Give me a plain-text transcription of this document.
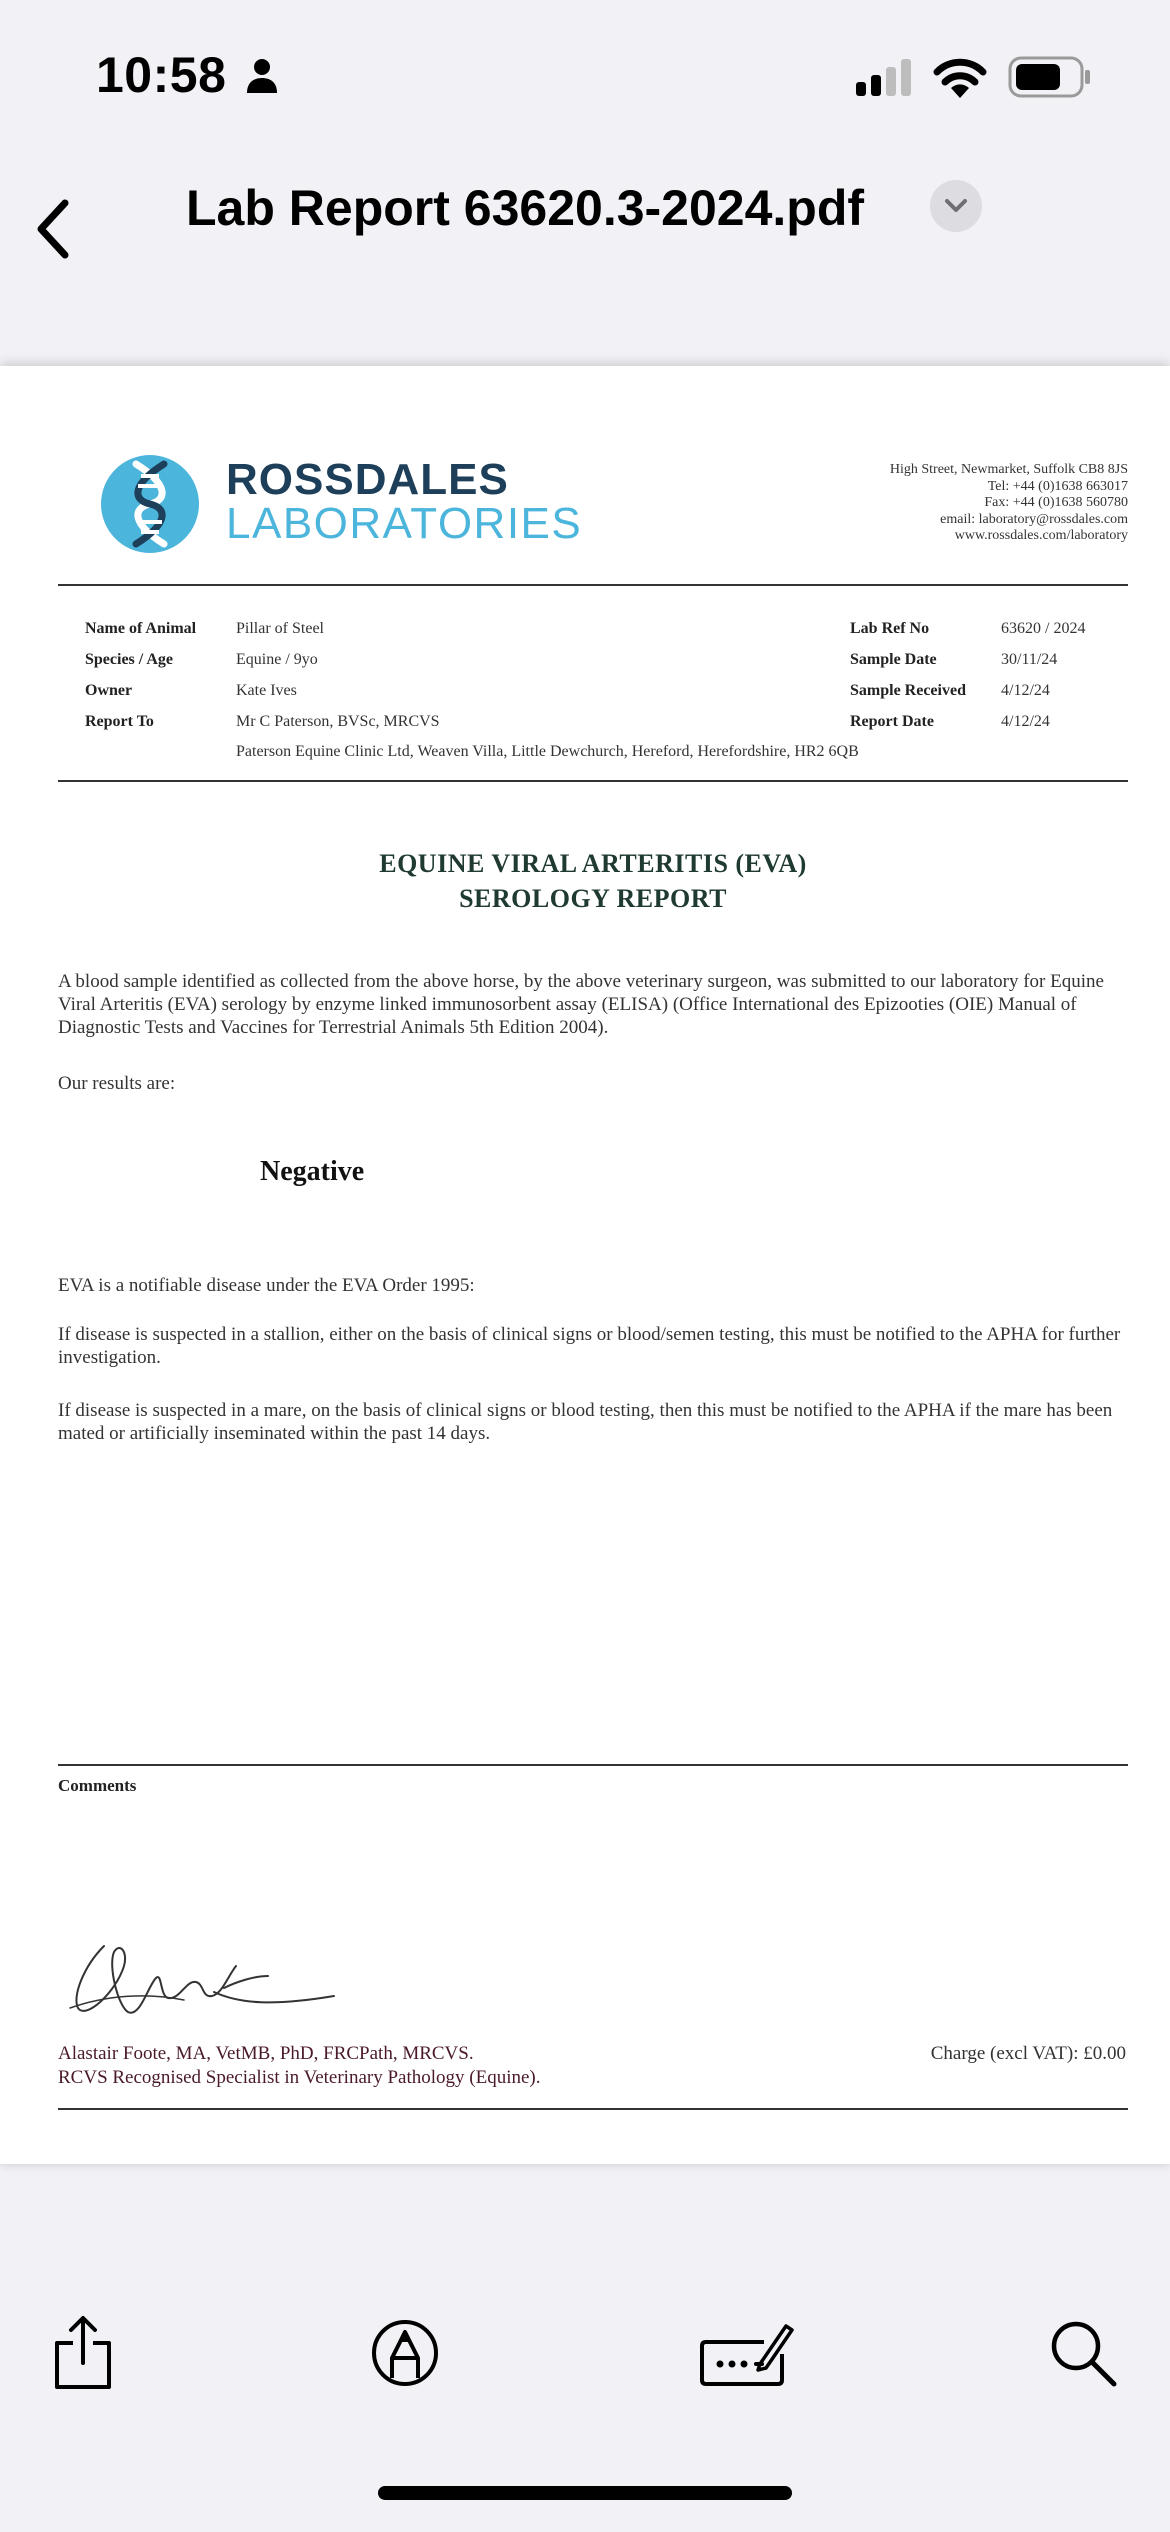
10:58
Lab Report 63620.3-2024.pdf
ROSSDALES
LABORATORIES
High Street, Newmarket, Suffolk CB8 8JS
Tel: +44 (0)1638 663017
Fax: +44 (0)1638 560780
email: laboratory@rossdales.com
www.rossdales.com/laboratory
Name of Animal Pillar of Steel
Species / Age	Equine / 9yo
Owner	Kate Ives
Report To	Mr C Paterson, BVSc, MRCVS
Paterson Equine Clinic Ltd, Weaven Villa, Little Dewchurch, Hereford, Herefordshire, HR2 6QB
Lab Ref No	63620 / 2024
Sample Date	30/11/24
Sample Received 4/12/24
Report Date	4/12/24
EQUINE VIRAL ARTERITIS (EVA)
SEROLOGY REPORT
A blood sample identified as collected from the above horse, by the above veterinary surgeon, was submitted to our laboratory for Equine Viral Arteritis (EVA) serology by enzyme linked immunosorbent assay (ELISA) (Office International des Epizooties (OIE) Manual of Diagnostic Tests and Vaccines for Terrestrial Animals 5th Edition 2004).
Our results are:
Negative
EVA is a notifiable disease under the EVA Order 1995:
If disease is suspected in a stallion, either on the basis of clinical signs or blood/semen testing, this must be notified to the APHA for further investigation.
If disease is suspected in a mare, on the basis of clinical signs or blood testing, then this must be notified to the APHA if the mare has been mated or artificially inseminated within the past 14 days.
Comments
Alastair Foote, MA, VetMB, PhD, FRCPath, MRCVS.
RCVS Recognised Specialist in Veterinary Pathology (Equine).
Charge (excl VAT): £0.00
